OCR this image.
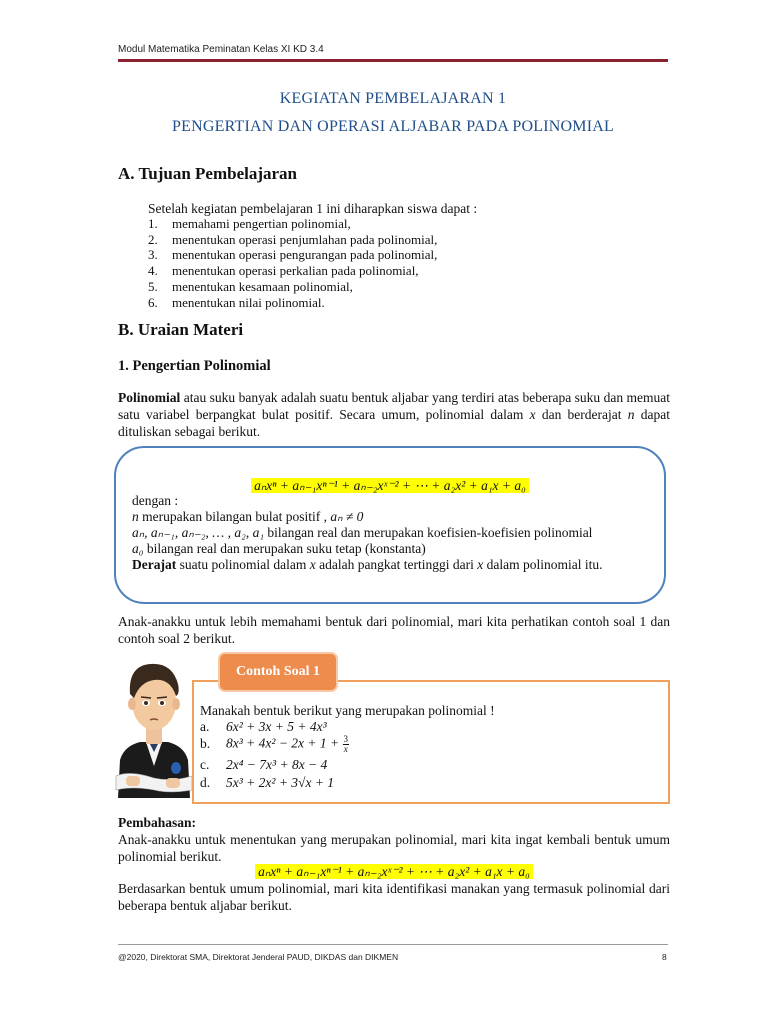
Modul Matematika Peminatan Kelas XI KD 3.4
KEGIATAN PEMBELAJARAN 1
PENGERTIAN DAN OPERASI ALJABAR PADA POLINOMIAL
A. Tujuan Pembelajaran
Setelah kegiatan pembelajaran 1 ini diharapkan siswa dapat :
1. memahami pengertian polinomial,
2. menentukan operasi penjumlahan pada polinomial,
3. menentukan operasi pengurangan pada polinomial,
4. menentukan operasi perkalian pada polinomial,
5. menentukan kesamaan polinomial,
6. menentukan nilai polinomial.
B. Uraian Materi
1. Pengertian Polinomial
Polinomial atau suku banyak adalah suatu bentuk aljabar yang terdiri atas beberapa suku dan memuat satu variabel berpangkat bulat positif. Secara umum, polinomial dalam x dan berderajat n dapat dituliskan sebagai berikut.
aₙxⁿ + aₙ₋₁xⁿ⁻¹ + aₙ₋₂xˣ⁻² + ⋯ + a₂x² + a₁x + a₀
dengan :
n merupakan bilangan bulat positif , aₙ ≠ 0
aₙ, aₙ₋₁, aₙ₋₂, … , a₂, a₁ bilangan real dan merupakan koefisien-koefisien polinomial
a₀ bilangan real dan merupakan suku tetap (konstanta)
Derajat suatu polinomial dalam x adalah pangkat tertinggi dari x dalam polinomial itu.
Anak-anakku untuk lebih memahami bentuk dari polinomial, mari kita perhatikan contoh soal 1 dan contoh soal 2 berikut.
Contoh Soal 1
Manakah bentuk berikut yang merupakan polinomial !
a. 6x² + 3x + 5 + 4x³
b. $8x^3 + 4x^2 - 2x + 1 + \frac{3}{x}$
c. 2x⁴ − 7x³ + 8x − 4
d. 5x³ + 2x² + 3√x + 1
Pembahasan:
Anak-anakku untuk menentukan yang merupakan polinomial, mari kita ingat kembali bentuk umum polinomial berikut.
aₙxⁿ + aₙ₋₁xⁿ⁻¹ + aₙ₋₂xˣ⁻² + ⋯ + a₂x² + a₁x + a₀
Berdasarkan bentuk umum polinomial, mari kita identifikasi manakan yang termasuk polinomial dari beberapa bentuk aljabar berikut.
@2020, Direktorat SMA, Direktorat Jenderal PAUD, DIKDAS dan DIKMEN	8
